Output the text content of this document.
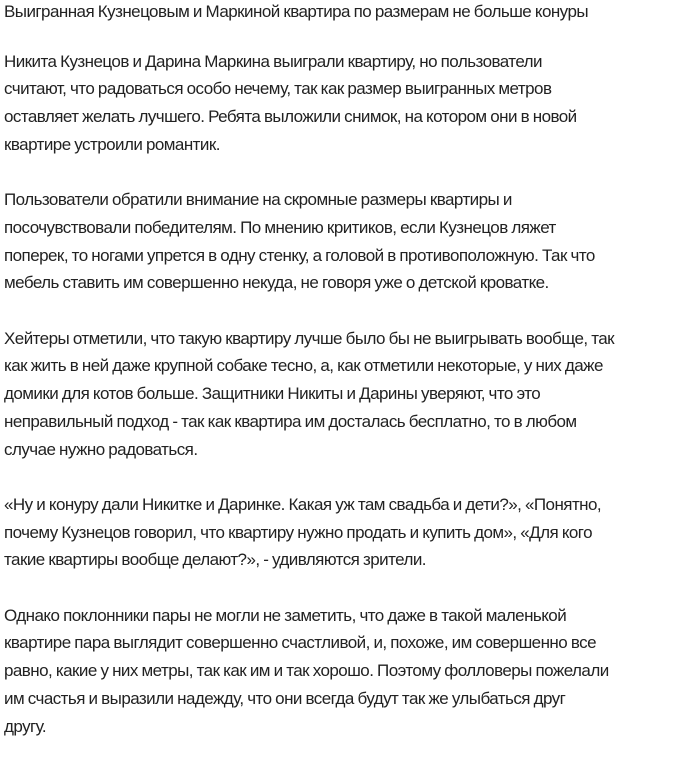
Выигранная Кузнецовым и Маркиной квартира по размерам не больше конуры

Никита Кузнецов и Дарина Маркина выиграли квартиру, но пользователи
считают, что радоваться особо нечему, так как размер выигранных метров
оставляет желать лучшего. Ребята выложили снимок, на котором они в новой
квартире устроили романтик.

Пользователи обратили внимание на скромные размеры квартиры и
посочувствовали победителям. По мнению критиков, если Кузнецов ляжет
поперек, то ногами упрется в одну стенку, а головой в противоположную. Так что
мебель ставить им совершенно некуда, не говоря уже о детской кроватке.

Хейтеры отметили, что такую квартиру лучше было бы не выигрывать вообще, так
как жить в ней даже крупной собаке тесно, а, как отметили некоторые, у них даже
домики для котов больше. Защитники Никиты и Дарины уверяют, что это
неправильный подход - так как квартира им досталась бесплатно, то в любом
случае нужно радоваться.

«Ну и конуру дали Никитке и Даринке. Какая уж там свадьба и дети?», «Понятно,
почему Кузнецов говорил, что квартиру нужно продать и купить дом», «Для кого
такие квартиры вообще делают?», - удивляются зрители.

Однако поклонники пары не могли не заметить, что даже в такой маленькой
квартире пара выглядит совершенно счастливой, и, похоже, им совершенно все
равно, какие у них метры, так как им и так хорошо. Поэтому фолловеры пожелали
им счастья и выразили надежду, что они всегда будут так же улыбаться друг
другу.
